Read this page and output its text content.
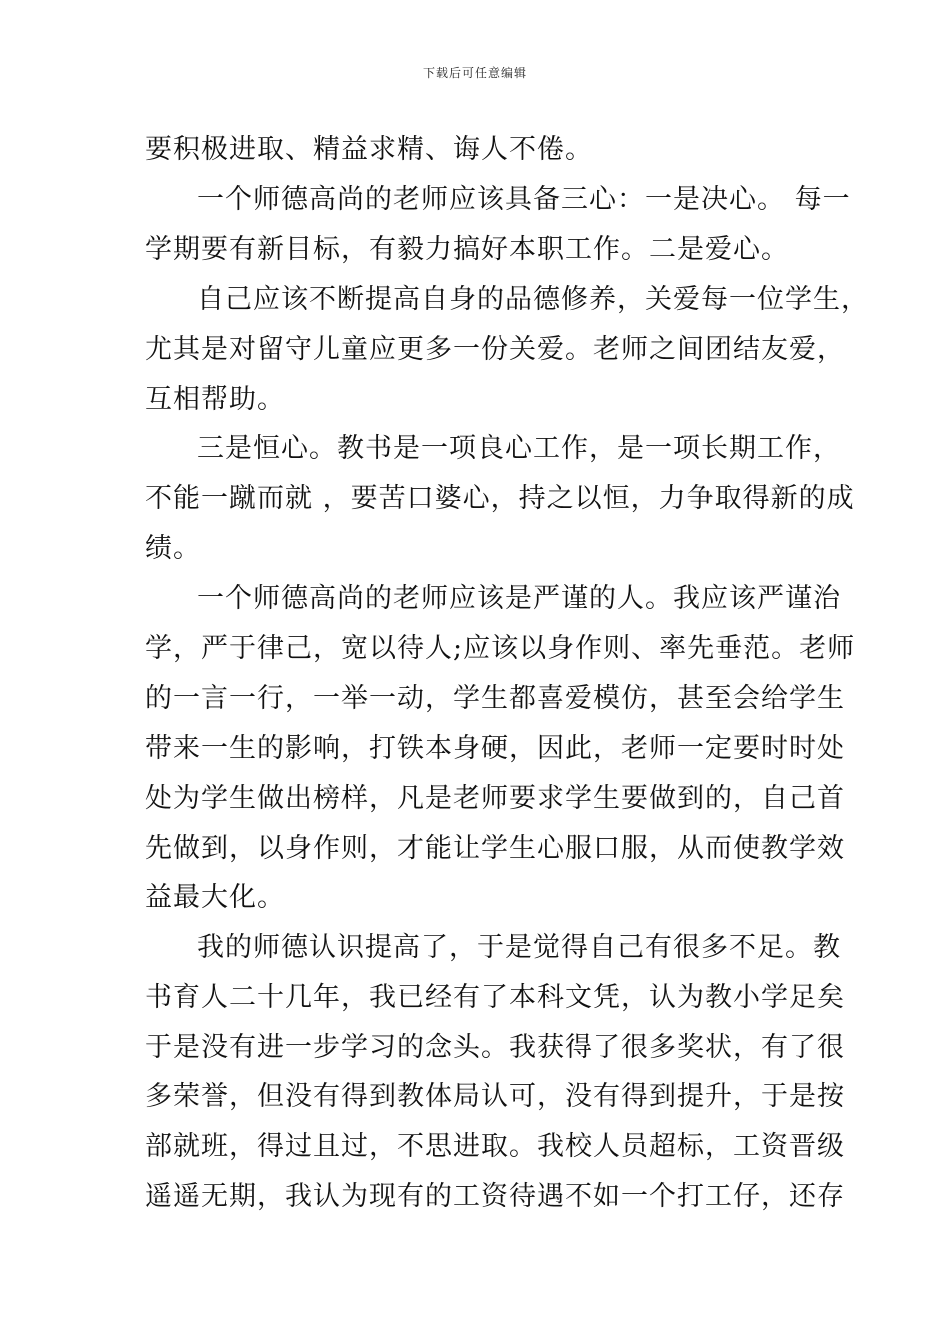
下载后可任意编辑
要积极进取、精益求精、诲人不倦。
一个师德高尚的老师应该具备三心：一是决心。 每一
学期要有新目标，有毅力搞好本职工作。二是爱心。
自己应该不断提高自身的品德修养，关爱每一位学生，
尤其是对留守儿童应更多一份关爱。老师之间团结友爱，
互相帮助。
三是恒心。教书是一项良心工作，是一项长期工作，
不能一蹴而就 ，要苦口婆心，持之以恒，力争取得新的成
绩。
一个师德高尚的老师应该是严谨的人。我应该严谨治
学，严于律己，宽以待人;应该以身作则、率先垂范。老师
的一言一行，一举一动，学生都喜爱模仿，甚至会给学生
带来一生的影响，打铁本身硬，因此，老师一定要时时处
处为学生做出榜样，凡是老师要求学生要做到的，自己首
先做到，以身作则，才能让学生心服口服，从而使教学效
益最大化。
我的师德认识提高了，于是觉得自己有很多不足。教
书育人二十几年，我已经有了本科文凭，认为教小学足矣
于是没有进一步学习的念头。我获得了很多奖状，有了很
多荣誉，但没有得到教体局认可，没有得到提升，于是按
部就班，得过且过，不思进取。我校人员超标，工资晋级
遥遥无期，我认为现有的工资待遇不如一个打工仔，还存
